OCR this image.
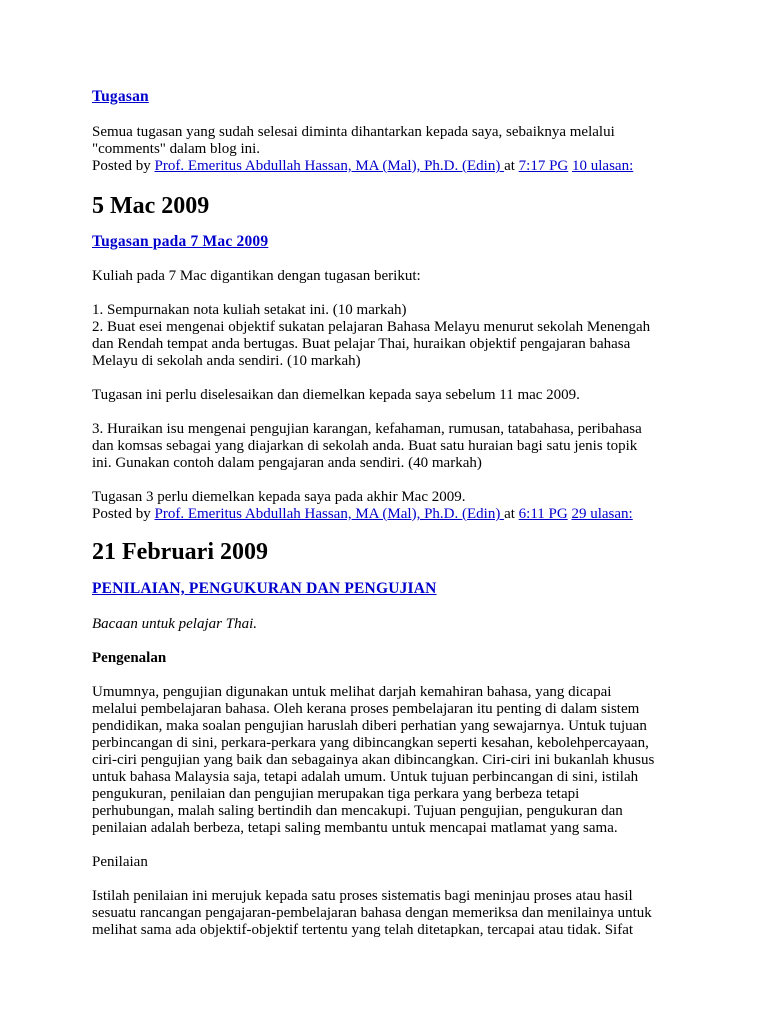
Tugasan

Semua tugasan yang sudah selesai diminta dihantarkan kepada saya, sebaiknya melalui

"comments" dalam blog ini.

Posted by Prof. Emeritus Abdullah Hassan, MA (Mal), Ph.D. (Edin) at 7:17 PG 10 ulasan:

5 Mac 2009
Tugasan pada 7 Mac 2009

Kuliah pada 7 Mac digantikan dengan tugasan berikut:

1. Sempurnakan nota kuliah setakat ini. (10 markah)

2. Buat esei mengenai objektif sukatan pelajaran Bahasa Melayu menurut sekolah Menengah

dan Rendah tempat anda bertugas. Buat pelajar Thai, huraikan objektif pengajaran bahasa

Melayu di sekolah anda sendiri. (10 markah)

Tugasan ini perlu diselesaikan dan diemelkan kepada saya sebelum 11 mac 2009.

3. Huraikan isu mengenai pengujian karangan, kefahaman, rumusan, tatabahasa, peribahasa

dan komsas sebagai yang diajarkan di sekolah anda. Buat satu huraian bagi satu jenis topik

ini. Gunakan contoh dalam pengajaran anda sendiri. (40 markah)

Tugasan 3 perlu diemelkan kepada saya pada akhir Mac 2009.

Posted by Prof. Emeritus Abdullah Hassan, MA (Mal), Ph.D. (Edin) at 6:11 PG 29 ulasan:

21 Februari 2009
PENILAIAN, PENGUKURAN DAN PENGUJIAN

Bacaan untuk pelajar Thai.

Pengenalan

Umumnya, pengujian digunakan untuk melihat darjah kemahiran bahasa, yang dicapai

melalui pembelajaran bahasa. Oleh kerana proses pembelajaran itu penting di dalam sistem

pendidikan, maka soalan pengujian haruslah diberi perhatian yang sewajarnya. Untuk tujuan

perbincangan di sini, perkara-perkara yang dibincangkan seperti kesahan, kebolehpercayaan,

ciri-ciri pengujian yang baik dan sebagainya akan dibincangkan. Ciri-ciri ini bukanlah khusus

untuk bahasa Malaysia saja, tetapi adalah umum. Untuk tujuan perbincangan di sini, istilah

pengukuran, penilaian dan pengujian merupakan tiga perkara yang berbeza tetapi

perhubungan, malah saling bertindih dan mencakupi. Tujuan pengujian, pengukuran dan

penilaian adalah berbeza, tetapi saling membantu untuk mencapai matlamat yang sama.

Penilaian

Istilah penilaian ini merujuk kepada satu proses sistematis bagi meninjau proses atau hasil

sesuatu rancangan pengajaran-pembelajaran bahasa dengan memeriksa dan menilainya untuk

melihat sama ada objektif-objektif tertentu yang telah ditetapkan, tercapai atau tidak. Sifat
